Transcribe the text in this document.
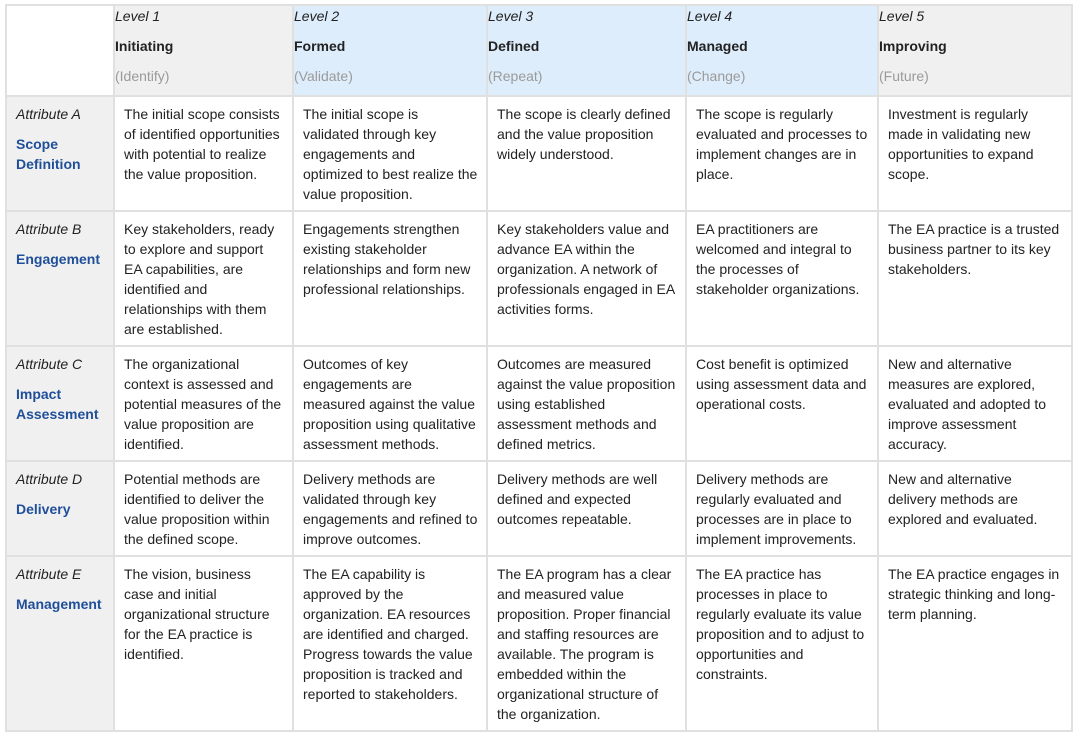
	Level 1
Initiating
(Identify)	Level 2
Formed
(Validate)	Level 3
Defined
(Repeat)	Level 4
Managed
(Change)	Level 5
Improving
(Future)

Attribute A
Scope Definition	The initial scope consists of identified opportunities with potential to realize the value proposition.	The initial scope is validated through key engagements and optimized to best realize the value proposition.	The scope is clearly defined and the value proposition widely understood.	The scope is regularly evaluated and processes to implement changes are in place.	Investment is regularly made in validating new opportunities to expand scope.

Attribute B
Engagement	Key stakeholders, ready to explore and support EA capabilities, are identified and relationships with them are established.	Engagements strengthen existing stakeholder relationships and form new professional relationships.	Key stakeholders value and advance EA within the organization. A network of professionals engaged in EA activities forms.	EA practitioners are welcomed and integral to the processes of stakeholder organizations.	The EA practice is a trusted business partner to its key stakeholders.

Attribute C
Impact Assessment	The organizational context is assessed and potential measures of the value proposition are identified.	Outcomes of key engagements are measured against the value proposition using qualitative assessment methods.	Outcomes are measured against the value proposition using established assessment methods and defined metrics.	Cost benefit is optimized using assessment data and operational costs.	New and alternative measures are explored, evaluated and adopted to improve assessment accuracy.

Attribute D
Delivery	Potential methods are identified to deliver the value proposition within the defined scope.	Delivery methods are validated through key engagements and refined to improve outcomes.	Delivery methods are well defined and expected outcomes repeatable.	Delivery methods are regularly evaluated and processes are in place to implement improvements.	New and alternative delivery methods are explored and evaluated.

Attribute E
Management	The vision, business case and initial organizational structure for the EA practice is identified.	The EA capability is approved by the organization. EA resources are identified and charged. Progress towards the value proposition is tracked and reported to stakeholders.	The EA program has a clear and measured value proposition. Proper financial and staffing resources are available. The program is embedded within the organizational structure of the organization.	The EA practice has processes in place to regularly evaluate its value proposition and to adjust to opportunities and constraints.	The EA practice engages in strategic thinking and long-term planning.
